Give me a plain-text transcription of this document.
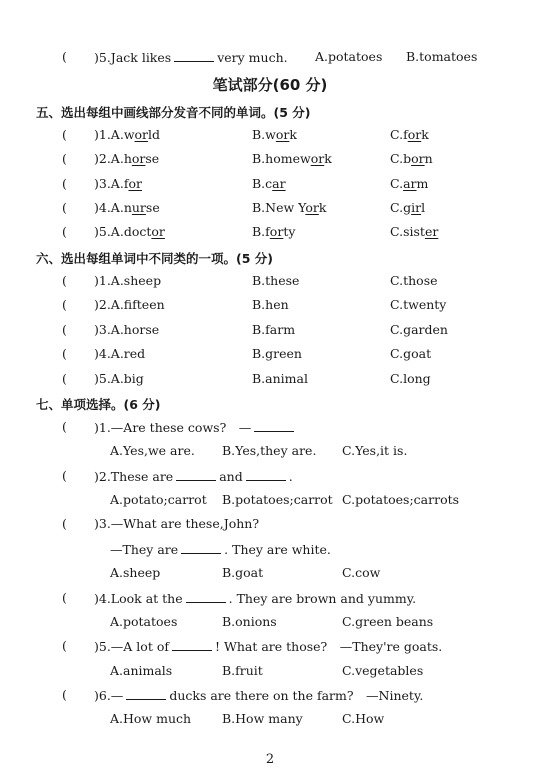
( )5.Jack likes	very much. A.potatoes B.tomatoes
笔试部分(60 分)
五、选出每组中画线部分发音不同的单词。(5 分)
( )1.A.world	B.work	C.fork
( )2.A.horse	B.homework	C.born
( )3.A.for	B.car	C.arm
( )4.A.nurse	B.New York	C.girl
( )5.A.doctor	B.forty	C.sister
六、选出每组单词中不同类的一项。(5 分)
( )1.A.sheep	B.these	C.those
( )2.A.fifteen	B.hen	C.twenty
( )3.A.horse	B.farm	C.garden
( )4.A.red	B.green	C.goat
( )5.A.big	B.animal	C.long
七、单项选择。(6 分)
( )1.—Are these cows?　—
A.Yes,we are. B.Yes,they are. C.Yes,it is.
( )2.These are	and	.
A.potato;carrot B.potatoes;carrot C.potatoes;carrots
( )3.—What are these,John?
—They are	. They are white.
A.sheep	B.goat	C.cow
( )4.Look at the	. They are brown and yummy.
A.potatoes	B.onions	C.green beans
( )5.—A lot of	! What are those?　—They're goats.
A.animals	B.fruit	C.vegetables
( )6.—	ducks are there on the farm?　—Ninety.
A.How much B.How many	C.How
2
